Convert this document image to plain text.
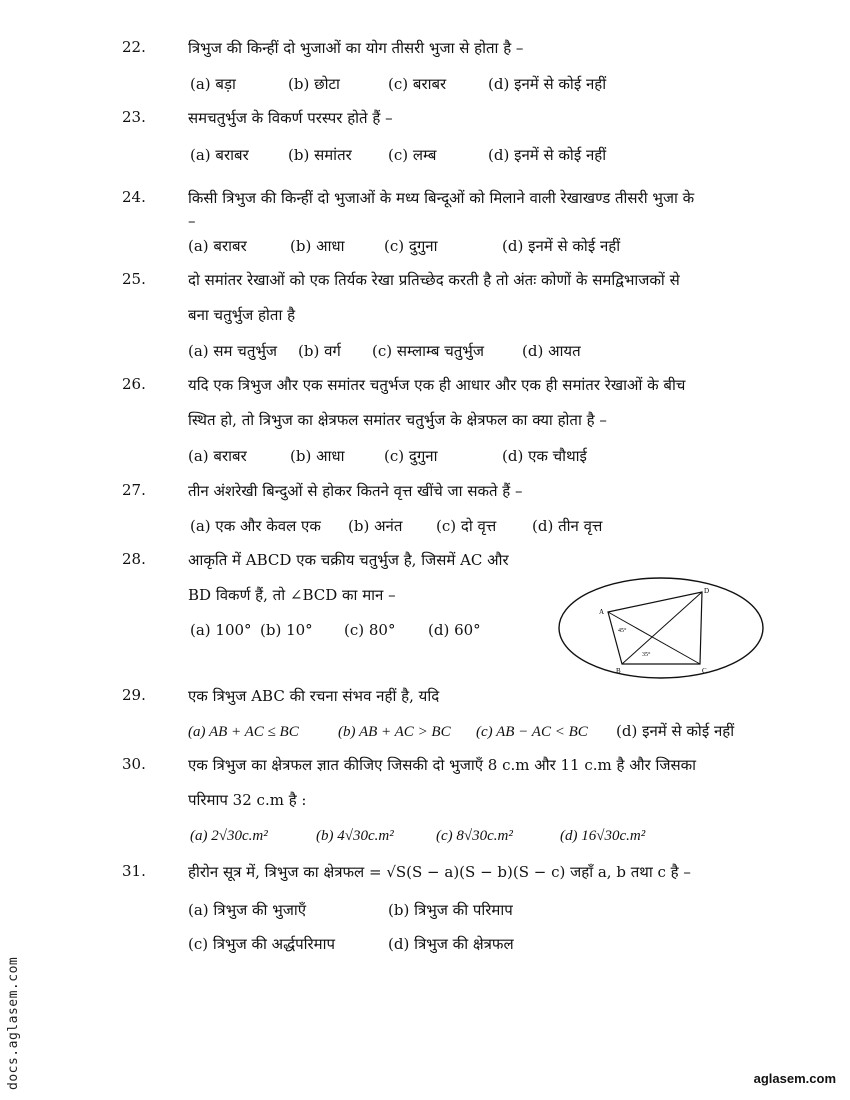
22.	त्रिभुज की किन्हीं दो भुजाओं का योग तीसरी भुजा से होता है –
(a) बड़ा	(b) छोटा	(c) बराबर	(d) इनमें से कोई नहीं
23.	समचतुर्भुज के विकर्ण परस्पर होते हैं –
(a) बराबर	(b) समांतर (c) लम्ब	(d) इनमें से कोई नहीं
24.	किसी त्रिभुज की किन्हीं दो भुजाओं के मध्य बिन्दूओं को मिलाने वाली रेखाखण्ड तीसरी भुजा के
–
(a) बराबर	(b) आधा	(c) दुगुना	(d) इनमें से कोई नहीं
25.	दो समांतर रेखाओं को एक तिर्यक रेखा प्रतिच्छेद करती है तो अंतः कोणों के समद्विभाजकों से
बना चतुर्भुज होता है
(a) सम चतुर्भुज (b) वर्ग (c) सम्लाम्ब चतुर्भुज	(d) आयत
26.	यदि एक त्रिभुज और एक समांतर चतुर्भज एक ही आधार और एक ही समांतर रेखाओं के बीच
स्थित हो, तो त्रिभुज का क्षेत्रफल समांतर चतुर्भुज के क्षेत्रफल का क्या होता है –
(a) बराबर	(b) आधा	(c) दुगुना	(d) एक चौथाई
27.	तीन अंशरेखी बिन्दुओं से होकर कितने वृत्त खींचे जा सकते हैं –
(a) एक और केवल एक (b) अनंत (c) दो वृत्त (d) तीन वृत्त
28.	आकृति में ABCD एक चक्रीय चतुर्भुज है, जिसमें AC और
BD विकर्ण हैं, तो ∠BCD का मान –
(a) 100° (b) 10° (c) 80° (d) 60°
A
B	C
D
45°
35°
29.	एक त्रिभुज ABC की रचना संभव नहीं है, यदि
(a) AB + AC ≤ BC	(b) AB + AC > BC (c) AB − AC < BC (d) इनमें से कोई नहीं
30.	एक त्रिभुज का क्षेत्रफल ज्ञात कीजिए जिसकी दो भुजाएँ 8 c.m और 11 c.m है और जिसका
परिमाप 32 c.m है :
(a) 2√30c.m²	(b) 4√30c.m²	(c) 8√30c.m²	(d) 16√30c.m²
31.	हीरोन सूत्र में, त्रिभुज का क्षेत्रफल = √S(S − a)(S − b)(S − c) जहाँ a, b तथा c है –
(a) त्रिभुज की भुजाएँ	(b) त्रिभुज की परिमाप
(c) त्रिभुज की अर्द्धपरिमाप	(d) त्रिभुज की क्षेत्रफल
docs.aglasem.com	aglasem.com
